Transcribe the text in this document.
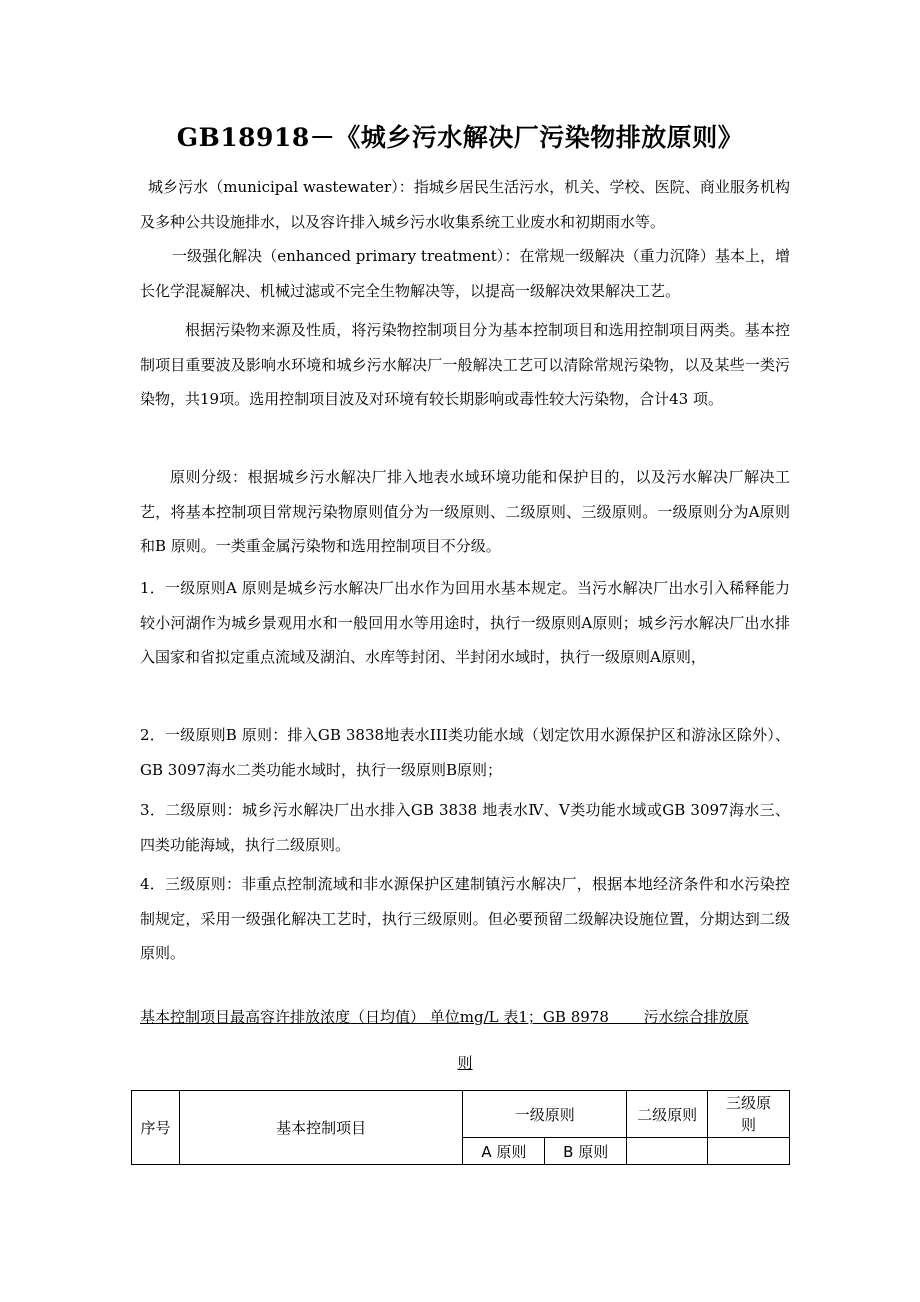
GB18918－《城乡污水解决厂污染物排放原则》

城乡污水（municipal wastewater）：指城乡居民生活污水，机关、学校、医院、商业服务机构及多种公共设施排水，以及容许排入城乡污水收集系统工业废水和初期雨水等。

一级强化解决（enhanced primary treatment）：在常规一级解决（重力沉降）基本上，增长化学混凝解决、机械过滤或不完全生物解决等，以提高一级解决效果解决工艺。

根据污染物来源及性质，将污染物控制项目分为基本控制项目和选用控制项目两类。基本控制项目重要波及影响水环境和城乡污水解决厂一般解决工艺可以清除常规污染物，以及某些一类污染物，共19项。选用控制项目波及对环境有较长期影响或毒性较大污染物，合计43 项。

原则分级：根据城乡污水解决厂排入地表水域环境功能和保护目的，以及污水解决厂解决工艺，将基本控制项目常规污染物原则值分为一级原则、二级原则、三级原则。一级原则分为A原则和B 原则。一类重金属污染物和选用控制项目不分级。

1．一级原则A 原则是城乡污水解决厂出水作为回用水基本规定。当污水解决厂出水引入稀释能力较小河湖作为城乡景观用水和一般回用水等用途时，执行一级原则A原则；城乡污水解决厂出水排入国家和省拟定重点流域及湖泊、水库等封闭、半封闭水域时，执行一级原则A原则，

2．一级原则B 原则：排入GB 3838地表水III类功能水域（划定饮用水源保护区和游泳区除外）、GB 3097海水二类功能水域时，执行一级原则B原则；

3．二级原则：城乡污水解决厂出水排入GB 3838 地表水Ⅳ、Ⅴ类功能水域或GB 3097海水三、四类功能海域，执行二级原则。

4．三级原则：非重点控制流域和非水源保护区建制镇污水解决厂，根据本地经济条件和水污染控制规定，采用一级强化解决工艺时，执行三级原则。但必要预留二级解决设施位置，分期达到二级原则。

基本控制项目最高容许排放浓度（日均值） 单位mg/L 表1；GB 8978　　 污水综合排放原
则
序号	基本控制项目	一级原则		二级原则	三级原则

		A 原则	B 原则		
